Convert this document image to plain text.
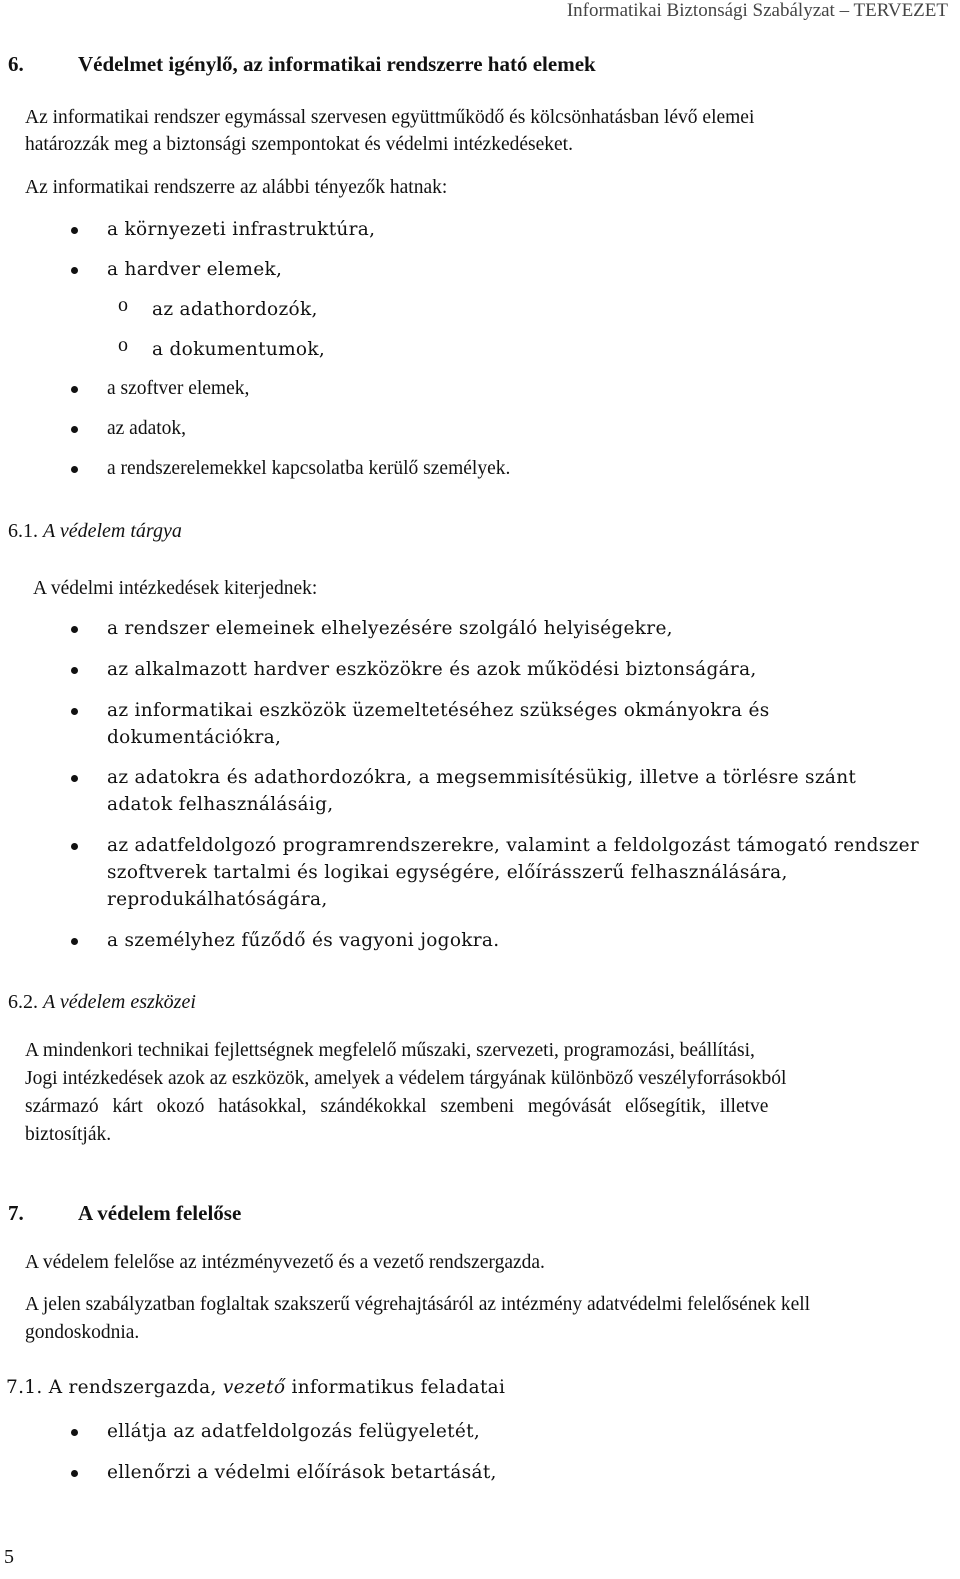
Informatikai Biztonsági Szabályzat – TERVEZET
6.	Védelmet igénylő, az informatikai rendszerre ható elemek
Az informatikai rendszer egymással szervesen együttműködő és kölcsönhatásban lévő elemei
határozzák meg a biztonsági szempontokat és védelmi intézkedéseket.
Az informatikai rendszerre az alábbi tényezők hatnak:
a környezeti infrastruktúra,
a hardver elemek,
o az adathordozók,
o a dokumentumok,
a szoftver elemek,
az adatok,
a rendszerelemekkel kapcsolatba kerülő személyek.
6.1. A védelem tárgya
A védelmi intézkedések kiterjednek:
a rendszer elemeinek elhelyezésére szolgáló helyiségekre,
az alkalmazott hardver eszközökre és azok működési biztonságára,
az informatikai eszközök üzemeltetéséhez szükséges okmányokra és
dokumentációkra,
az adatokra és adathordozókra, a megsemmisítésükig, illetve a törlésre szánt
adatok felhasználásáig,
az adatfeldolgozó programrendszerekre, valamint a feldolgozást támogató rendszer
szoftverek tartalmi és logikai egységére, előírásszerű felhasználására,
reprodukálhatóságára,
a személyhez fűződő és vagyoni jogokra.
6.2. A védelem eszközei
A mindenkori technikai fejlettségnek megfelelő műszaki, szervezeti, programozási, beállítási,
Jogi intézkedések azok az eszközök, amelyek a védelem tárgyának különböző veszélyforrásokból
származó kárt okozó hatásokkal, szándékokkal szembeni megóvását elősegítik, illetve
biztosítják.
7.	A védelem felelőse
A védelem felelőse az intézményvezető és a vezető rendszergazda.
A jelen szabályzatban foglaltak szakszerű végrehajtásáról az intézmény adatvédelmi felelősének kell
gondoskodnia.
7.1. A rendszergazda, vezető informatikus feladatai
ellátja az adatfeldolgozás felügyeletét,
ellenőrzi a védelmi előírások betartását,
5
